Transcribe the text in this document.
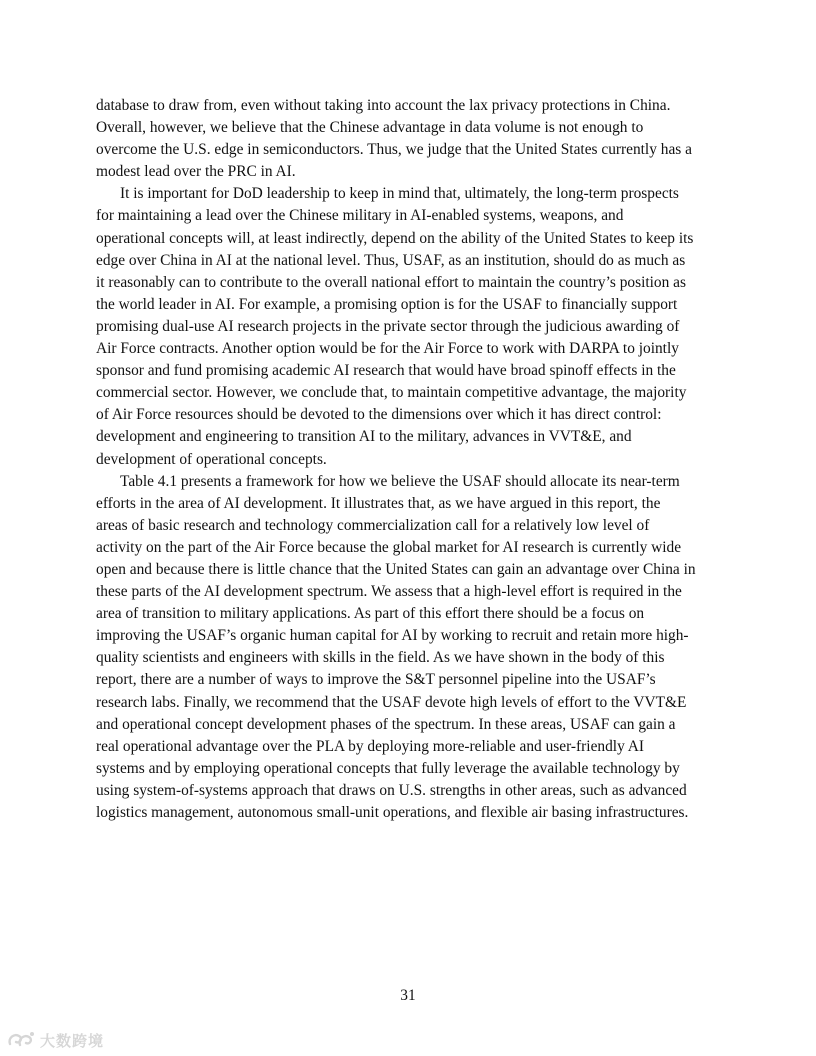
database to draw from, even without taking into account the lax privacy protections in China.
Overall, however, we believe that the Chinese advantage in data volume is not enough to
overcome the U.S. edge in semiconductors. Thus, we judge that the United States currently has a
modest lead over the PRC in AI.

It is important for DoD leadership to keep in mind that, ultimately, the long-term prospects
for maintaining a lead over the Chinese military in AI-enabled systems, weapons, and
operational concepts will, at least indirectly, depend on the ability of the United States to keep its
edge over China in AI at the national level. Thus, USAF, as an institution, should do as much as
it reasonably can to contribute to the overall national effort to maintain the country’s position as
the world leader in AI. For example, a promising option is for the USAF to financially support
promising dual-use AI research projects in the private sector through the judicious awarding of
Air Force contracts. Another option would be for the Air Force to work with DARPA to jointly
sponsor and fund promising academic AI research that would have broad spinoff effects in the
commercial sector. However, we conclude that, to maintain competitive advantage, the majority
of Air Force resources should be devoted to the dimensions over which it has direct control:
development and engineering to transition AI to the military, advances in VVT&E, and
development of operational concepts.

Table 4.1 presents a framework for how we believe the USAF should allocate its near-term
efforts in the area of AI development. It illustrates that, as we have argued in this report, the
areas of basic research and technology commercialization call for a relatively low level of
activity on the part of the Air Force because the global market for AI research is currently wide
open and because there is little chance that the United States can gain an advantage over China in
these parts of the AI development spectrum. We assess that a high-level effort is required in the
area of transition to military applications. As part of this effort there should be a focus on
improving the USAF’s organic human capital for AI by working to recruit and retain more high-
quality scientists and engineers with skills in the field. As we have shown in the body of this
report, there are a number of ways to improve the S&T personnel pipeline into the USAF’s
research labs. Finally, we recommend that the USAF devote high levels of effort to the VVT&E
and operational concept development phases of the spectrum. In these areas, USAF can gain a
real operational advantage over the PLA by deploying more-reliable and user-friendly AI
systems and by employing operational concepts that fully leverage the available technology by
using system-of-systems approach that draws on U.S. strengths in other areas, such as advanced
logistics management, autonomous small-unit operations, and flexible air basing infrastructures.

31
大数跨境
